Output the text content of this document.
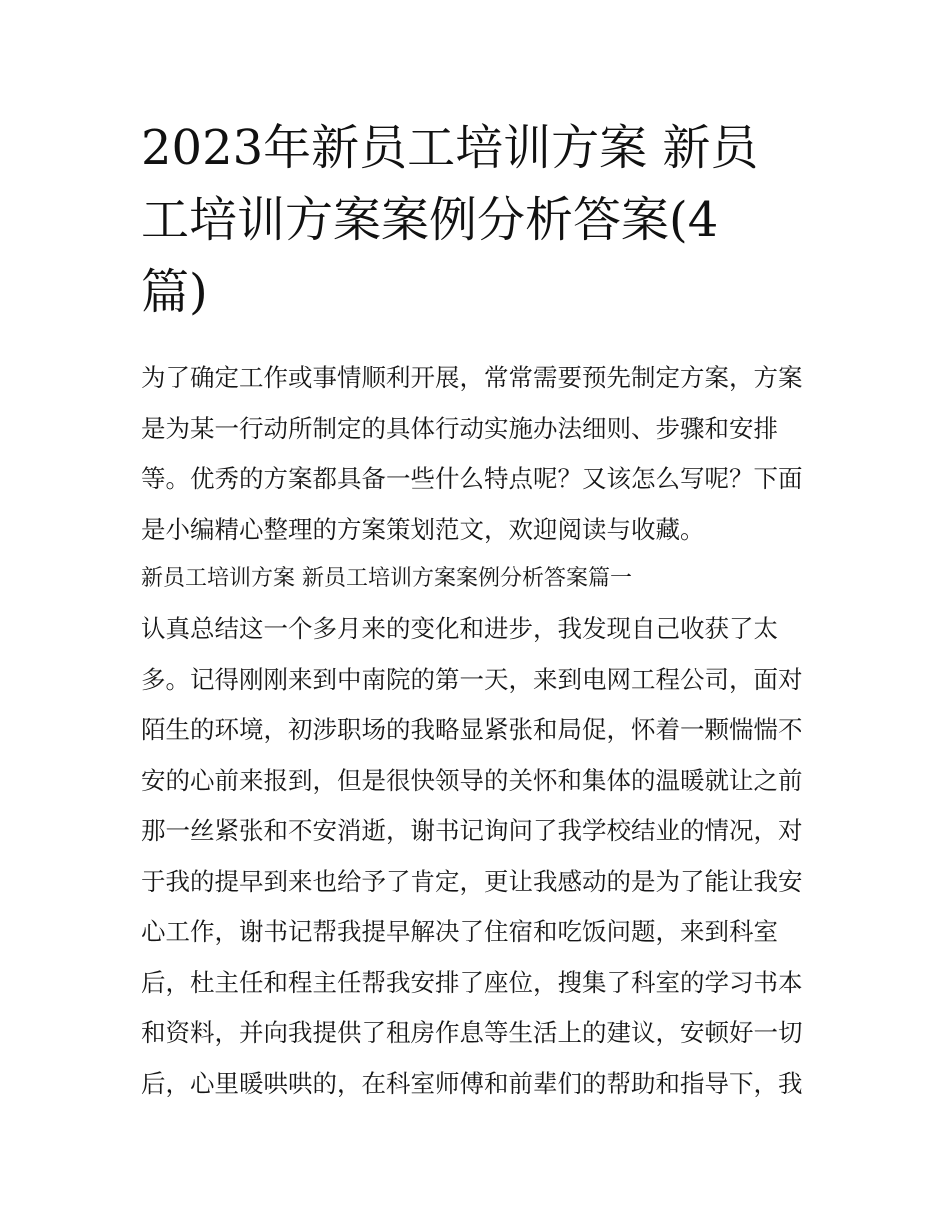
2023年新员工培训方案 新员
工培训方案案例分析答案(4
篇)
为了确定工作或事情顺利开展，常常需要预先制定方案，方案
是为某一行动所制定的具体行动实施办法细则、步骤和安排
等。优秀的方案都具备一些什么特点呢？又该怎么写呢？下面
是小编精心整理的方案策划范文，欢迎阅读与收藏。
新员工培训方案 新员工培训方案案例分析答案篇一
认真总结这一个多月来的变化和进步，我发现自己收获了太
多。记得刚刚来到中南院的第一天，来到电网工程公司，面对
陌生的环境，初涉职场的我略显紧张和局促，怀着一颗惴惴不
安的心前来报到，但是很快领导的关怀和集体的温暖就让之前
那一丝紧张和不安消逝，谢书记询问了我学校结业的情况，对
于我的提早到来也给予了肯定，更让我感动的是为了能让我安
心工作，谢书记帮我提早解决了住宿和吃饭问题，来到科室
后，杜主任和程主任帮我安排了座位，搜集了科室的学习书本
和资料，并向我提供了租房作息等生活上的建议，安顿好一切
后，心里暖哄哄的，在科室师傅和前辈们的帮助和指导下，我
